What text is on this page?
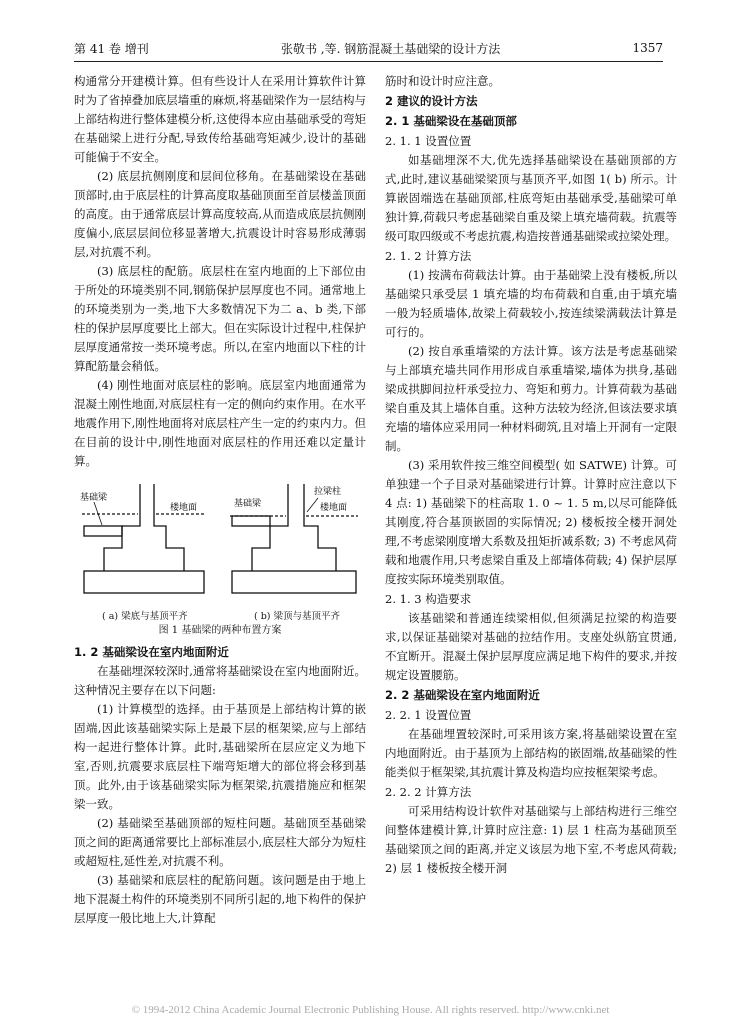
第 41 卷 增刊	张敬书 ,等. 钢筋混凝土基础梁的设计方法	1357

构通常分开建模计算。但有些设计人在采用计算软件计算时为了省掉叠加底层墙重的麻烦,将基础梁作为一层结构与上部结构进行整体建模分析,这使得本应由基础承受的弯矩在基础梁上进行分配,导致传给基础弯矩减少,设计的基础可能偏于不安全。

(2) 底层抗侧刚度和层间位移角。在基础梁设在基础顶部时,由于底层柱的计算高度取基础顶面至首层楼盖顶面的高度。由于通常底层计算高度较高,从而造成底层抗侧刚度偏小,底层层间位移显著增大,抗震设计时容易形成薄弱层,对抗震不利。

(3) 底层柱的配筋。底层柱在室内地面的上下部位由于所处的环境类别不同,钢筋保护层厚度也不同。通常地上的环境类别为一类,地下大多数情况下为二 a、b 类,下部柱的保护层厚度要比上部大。但在实际设计过程中,柱保护层厚度通常按一类环境考虑。所以,在室内地面以下柱的计算配筋量会稍低。

(4) 刚性地面对底层柱的影响。底层室内地面通常为混凝土刚性地面,对底层柱有一定的侧向约束作用。在水平地震作用下,刚性地面将对底层柱产生一定的约束内力。但在目前的设计中,刚性地面对底层柱的作用还难以定量计算。

基础梁
楼地面	基础梁	楼地面
拉梁柱
( a) 梁底与基顶平齐	( b) 梁顶与基顶平齐

图 1 基础梁的两种布置方案

1. 2 基础梁设在室内地面附近

在基础埋深较深时,通常将基础梁设在室内地面附近。这种情况主要存在以下问题:

(1) 计算模型的选择。由于基顶是上部结构计算的嵌固端,因此该基础梁实际上是最下层的框架梁,应与上部结构一起进行整体计算。此时,基础梁所在层应定义为地下室,否则,抗震要求底层柱下端弯矩增大的部位将会移到基顶。此外,由于该基础梁实际为框架梁,抗震措施应和框架梁一致。

(2) 基础梁至基础顶部的短柱问题。基础顶至基础梁顶之间的距离通常要比上部标准层小,底层柱大部分为短柱或超短柱,延性差,对抗震不利。

(3) 基础梁和底层柱的配筋问题。该问题是由于地上地下混凝土构件的环境类别不同所引起的,地下构件的保护层厚度一般比地上大,计算配

筋时和设计时应注意。

2 建议的设计方法

2. 1 基础梁设在基础顶部

2. 1. 1 设置位置

如基础埋深不大,优先选择基础梁设在基础顶部的方式,此时,建议基础梁梁顶与基顶齐平,如图 1( b) 所示。计算嵌固端选在基础顶部,柱底弯矩由基础承受,基础梁可单独计算,荷载只考虑基础梁自重及梁上填充墙荷载。抗震等级可取四级或不考虑抗震,构造按普通基础梁或拉梁处理。

2. 1. 2 计算方法

(1) 按满布荷载法计算。由于基础梁上没有楼板,所以基础梁只承受层 1 填充墙的均布荷载和自重,由于填充墙一般为轻质墙体,故梁上荷载较小,按连续梁满载法计算是可行的。

(2) 按自承重墙梁的方法计算。该方法是考虑基础梁与上部填充墙共同作用形成自承重墙梁,墙体为拱身,基础梁成拱脚间拉杆承受拉力、弯矩和剪力。计算荷载为基础梁自重及其上墙体自重。这种方法较为经济,但该法要求填充墙的墙体应采用同一种材料砌筑,且对墙上开洞有一定限制。

(3) 采用软件按三维空间模型( 如 SATWE) 计算。可单独建一个子目录对基础梁进行计算。计算时应注意以下 4 点: 1) 基础梁下的柱高取 1. 0 ~ 1. 5 m,以尽可能降低其刚度,符合基顶嵌固的实际情况; 2) 楼板按全楼开洞处理,不考虑梁刚度增大系数及扭矩折减系数; 3) 不考虑风荷载和地震作用,只考虑梁自重及上部墙体荷载; 4) 保护层厚度按实际环境类别取值。

2. 1. 3 构造要求

该基础梁和普通连续梁相似,但须满足拉梁的构造要求,以保证基础梁对基础的拉结作用。支座处纵筋宜贯通,不宜断开。混凝土保护层厚度应满足地下构件的要求,并按规定设置腰筋。

2. 2 基础梁设在室内地面附近

2. 2. 1 设置位置

在基础埋置较深时,可采用该方案,将基础梁设置在室内地面附近。由于基顶为上部结构的嵌固端,故基础梁的性能类似于框架梁,其抗震计算及构造均应按框架梁考虑。

2. 2. 2 计算方法

可采用结构设计软件对基础梁与上部结构进行三维空间整体建模计算,计算时应注意: 1) 层 1 柱高为基础顶至基础梁顶之间的距离,并定义该层为地下室,不考虑风荷载; 2) 层 1 楼板按全楼开洞

© 1994-2012 China Academic Journal Electronic Publishing House. All rights reserved. http://www.cnki.net
